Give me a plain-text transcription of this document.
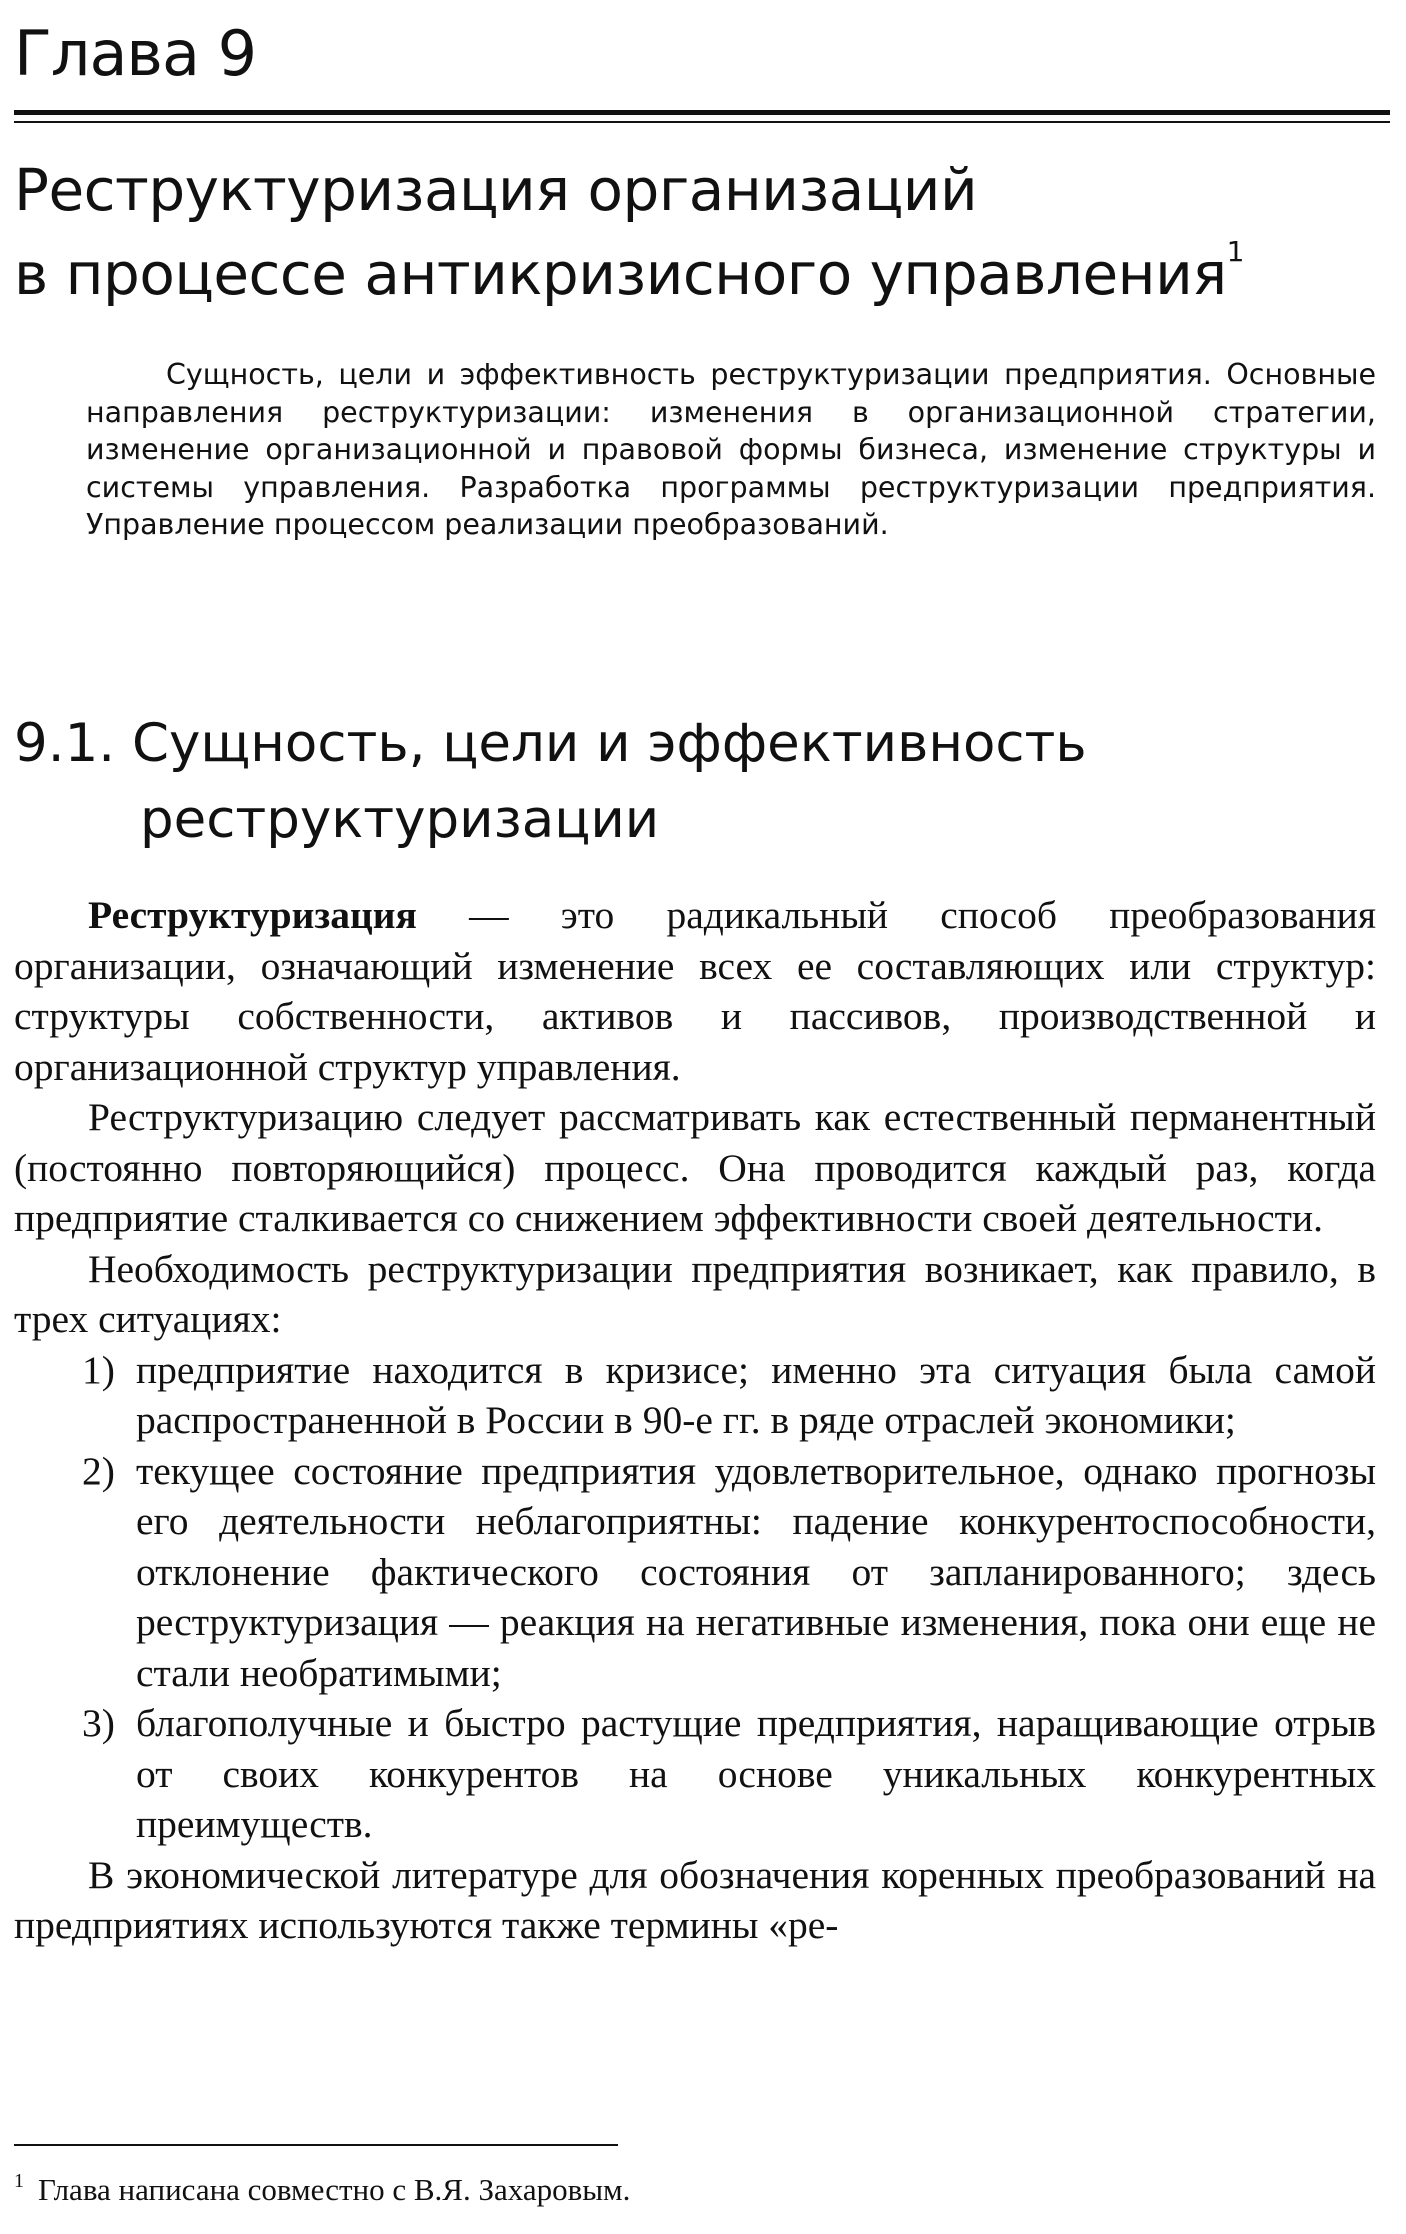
Глава 9
Реструктуризация организаций
в процессе антикризисного управления$^1$

Сущность, цели и эффективность реструктуризации предприятия. Основные направления реструктуризации: изменения в организационной стратегии, изменение организационной и правовой формы бизнеса, изменение структуры и системы управления. Разработка программы реструктуризации предприятия. Управление процессом реализации преобразований.

9.1. Сущность, цели и эффективность
реструктуризации

Реструктуризация — это радикальный способ преобразования организации, означающий изменение всех ее составляющих или структур: структуры собственности, активов и пассивов, производственной и организационной структур управления.

Реструктуризацию следует рассматривать как естественный перманентный (постоянно повторяющийся) процесс. Она проводится каждый раз, когда предприятие сталкивается со снижением эффективности своей деятельности.

Необходимость реструктуризации предприятия возникает, как правило, в трех ситуациях:

1) предприятие находится в кризисе; именно эта ситуация была самой распространенной в России в 90-е гг. в ряде отраслей экономики;
2) текущее состояние предприятия удовлетворительное, однако прогнозы его деятельности неблагоприятны: падение конкурентоспособности, отклонение фактического состояния от запланированного; здесь реструктуризация — реакция на негативные изменения, пока они еще не стали необратимыми;
3) благополучные и быстро растущие предприятия, наращивающие отрыв от своих конкурентов на основе уникальных конкурентных преимуществ.

В экономической литературе для обозначения коренных преобразований на предприятиях используются также термины «ре-

$^1$ Глава написана совместно с В.Я. Захаровым.
